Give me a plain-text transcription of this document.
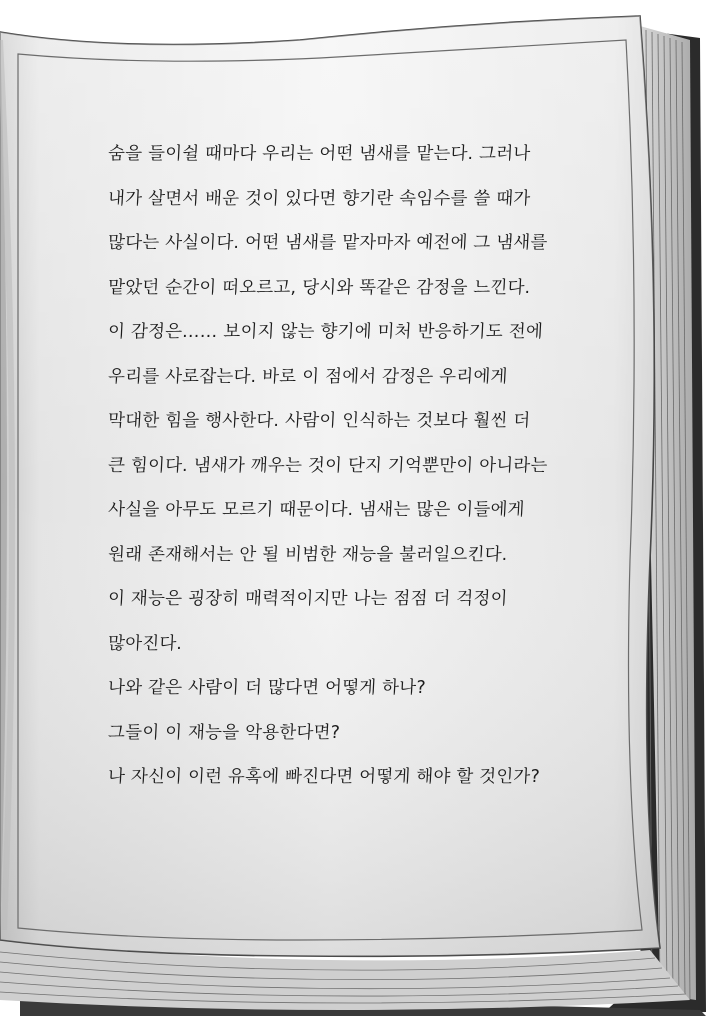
숨을 들이쉴 때마다 우리는 어떤 냄새를 맡는다. 그러나
내가 살면서 배운 것이 있다면 향기란 속임수를 쓸 때가
많다는 사실이다. 어떤 냄새를 맡자마자 예전에 그 냄새를
맡았던 순간이 떠오르고, 당시와 똑같은 감정을 느낀다.
이 감정은…… 보이지 않는 향기에 미처 반응하기도 전에
우리를 사로잡는다. 바로 이 점에서 감정은 우리에게
막대한 힘을 행사한다. 사람이 인식하는 것보다 훨씬 더
큰 힘이다. 냄새가 깨우는 것이 단지 기억뿐만이 아니라는
사실을 아무도 모르기 때문이다. 냄새는 많은 이들에게
원래 존재해서는 안 될 비범한 재능을 불러일으킨다.
이 재능은 굉장히 매력적이지만 나는 점점 더 걱정이
많아진다.
나와 같은 사람이 더 많다면 어떻게 하나?
그들이 이 재능을 악용한다면?
나 자신이 이런 유혹에 빠진다면 어떻게 해야 할 것인가?
